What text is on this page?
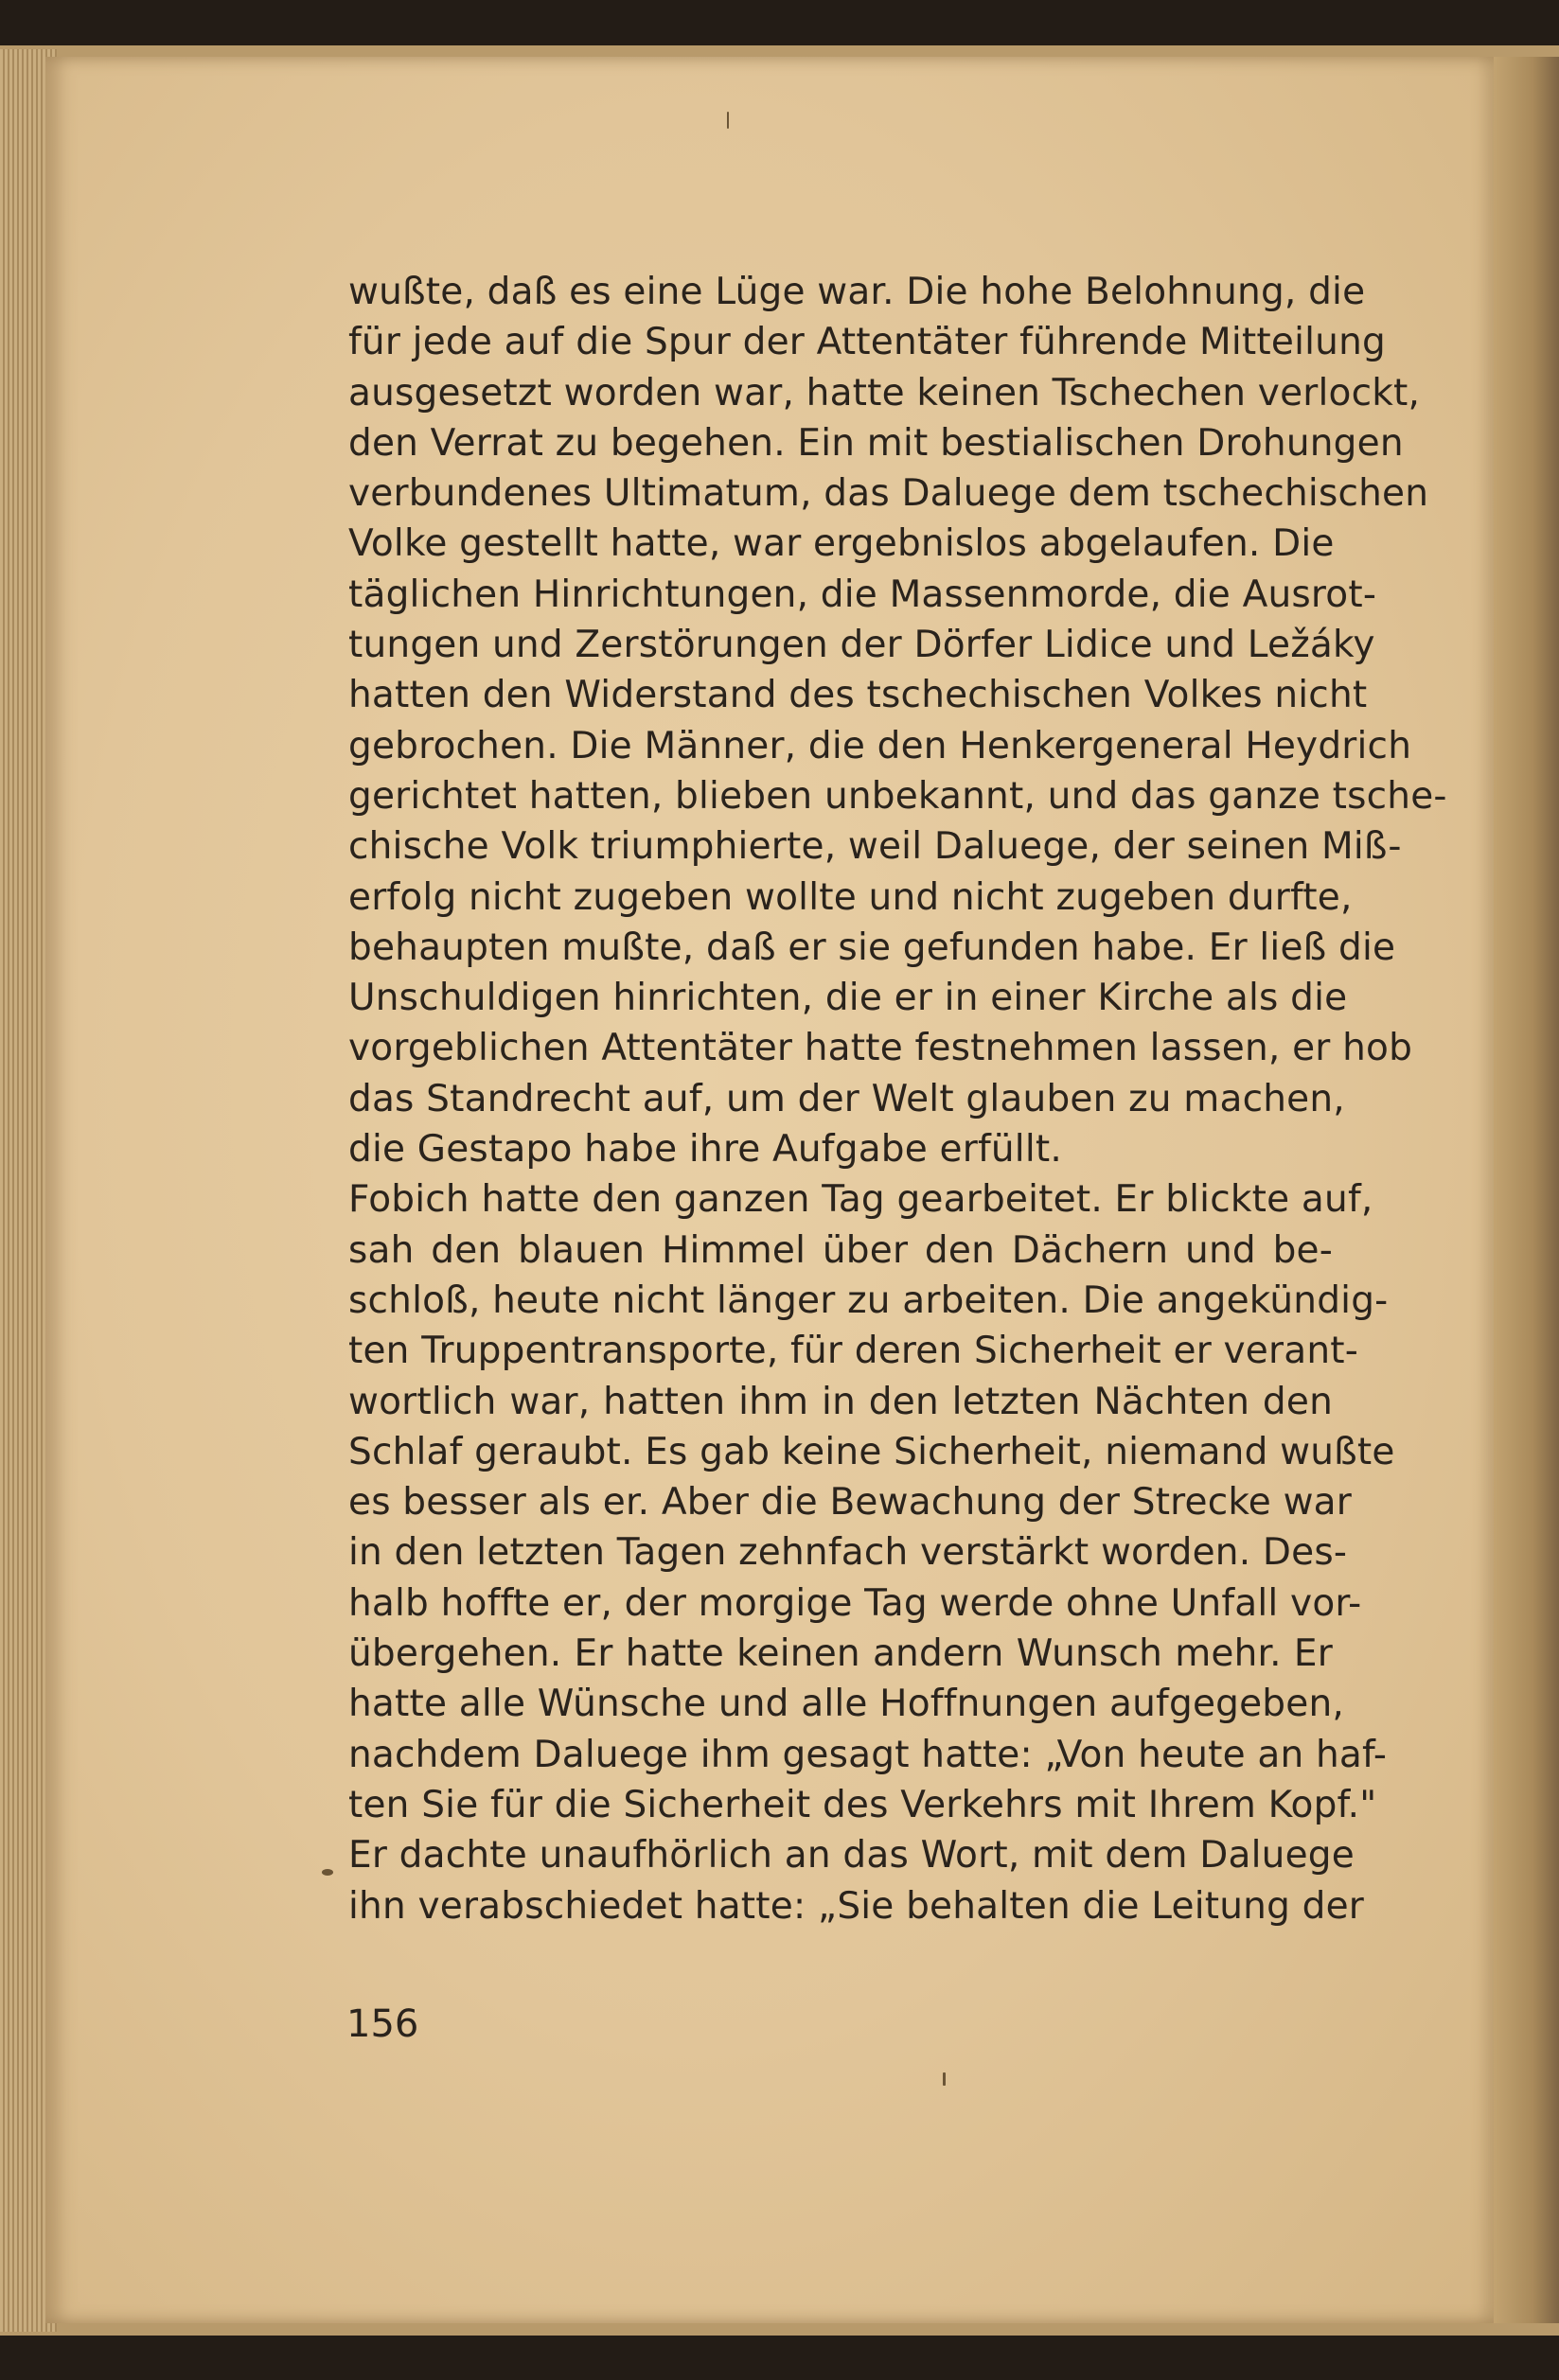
wußte, daß es eine Lüge war. Die hohe Belohnung, die
für jede auf die Spur der Attentäter führende Mitteilung
ausgesetzt worden war, hatte keinen Tschechen verlockt,
den Verrat zu begehen. Ein mit bestialischen Drohungen
verbundenes Ultimatum, das Daluege dem tschechischen
Volke gestellt hatte, war ergebnislos abgelaufen. Die
täglichen Hinrichtungen, die Massenmorde, die Ausrot-
tungen und Zerstörungen der Dörfer Lidice und Ležáky
hatten den Widerstand des tschechischen Volkes nicht
gebrochen. Die Männer, die den Henkergeneral Heydrich
gerichtet hatten, blieben unbekannt, und das ganze tsche-
chische Volk triumphierte, weil Daluege, der seinen Miß-
erfolg nicht zugeben wollte und nicht zugeben durfte,
behaupten mußte, daß er sie gefunden habe. Er ließ die
Unschuldigen hinrichten, die er in einer Kirche als die
vorgeblichen Attentäter hatte festnehmen lassen, er hob
das Standrecht auf, um der Welt glauben zu machen,
die Gestapo habe ihre Aufgabe erfüllt.
Fobich hatte den ganzen Tag gearbeitet. Er blickte auf,
sah den blauen Himmel über den Dächern und be-
schloß, heute nicht länger zu arbeiten. Die angekündig-
ten Truppentransporte, für deren Sicherheit er verant-
wortlich war, hatten ihm in den letzten Nächten den
Schlaf geraubt. Es gab keine Sicherheit, niemand wußte
es besser als er. Aber die Bewachung der Strecke war
in den letzten Tagen zehnfach verstärkt worden. Des-
halb hoffte er, der morgige Tag werde ohne Unfall vor-
übergehen. Er hatte keinen andern Wunsch mehr. Er
hatte alle Wünsche und alle Hoffnungen aufgegeben,
nachdem Daluege ihm gesagt hatte: „Von heute an haf-
ten Sie für die Sicherheit des Verkehrs mit Ihrem Kopf."
Er dachte unaufhörlich an das Wort, mit dem Daluege
ihn verabschiedet hatte: „Sie behalten die Leitung der
156
